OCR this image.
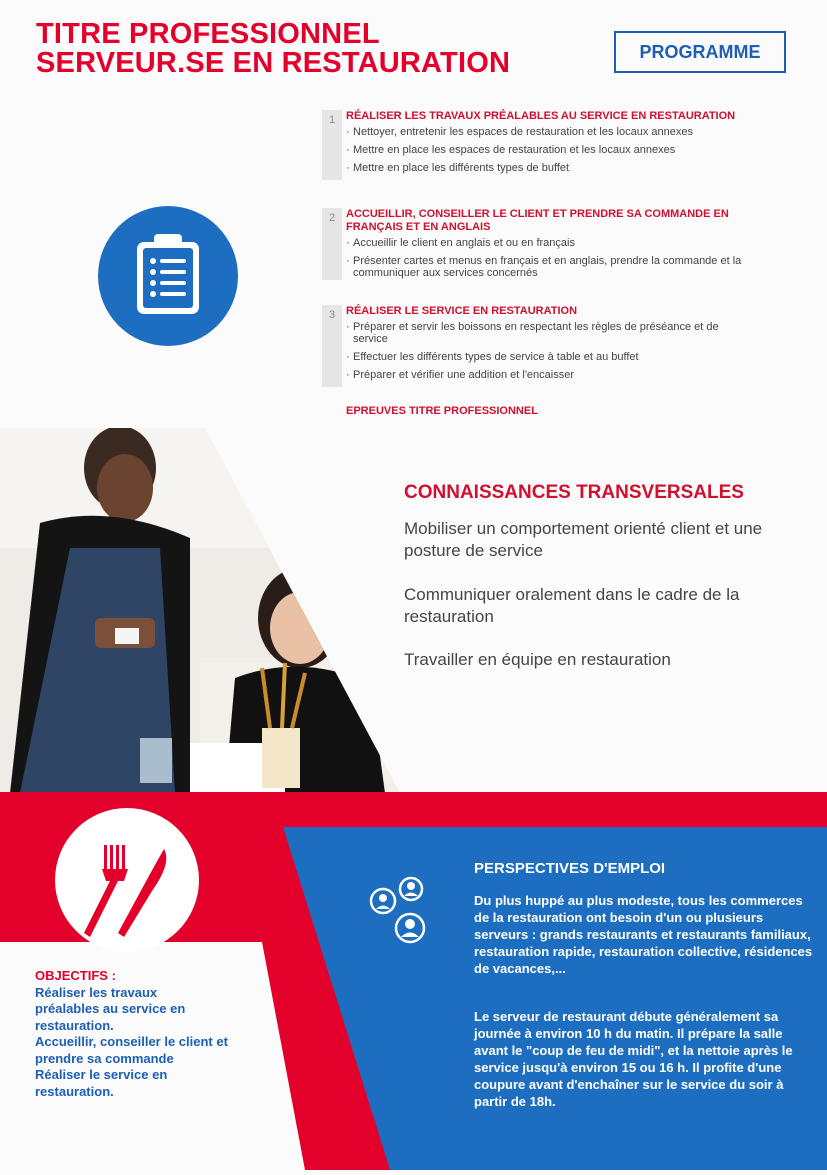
TITRE PROFESSIONNEL
SERVEUR.SE EN RESTAURATION	PROGRAMME
1 RÉALISER LES TRAVAUX PRÉALABLES AU SERVICE EN RESTAURATION
· Nettoyer, entretenir les espaces de restauration et les locaux annexes
· Mettre en place les espaces de restauration et les locaux annexes
· Mettre en place les différents types de buffet
2 ACCUEILLIR, CONSEILLER LE CLIENT ET PRENDRE SA COMMANDE EN FRANÇAIS ET EN ANGLAIS
· Accueillir le client en anglais et ou en français
· Présenter cartes et menus en français et en anglais, prendre la commande et la communiquer aux services concernés
3 RÉALISER LE SERVICE EN RESTAURATION
· Préparer et servir les boissons en respectant les règles de préséance et de service
· Effectuer les différents types de service à table et au buffet
· Préparer et vérifier une addition et l'encaisser
EPREUVES TITRE PROFESSIONNEL
CONNAISSANCES TRANSVERSALES
Mobiliser un comportement orienté client et une posture de service
Communiquer oralement dans le cadre de la restauration
Travailler en équipe en restauration
PERSPECTIVES D'EMPLOI
Du plus huppé au plus modeste, tous les commerces de la restauration ont besoin d'un ou plusieurs serveurs : grands restaurants et restaurants familiaux, restauration rapide, restauration collective, résidences de vacances,...
Le serveur de restaurant débute généralement sa journée à environ 10 h du matin. Il prépare la salle avant le "coup de feu de midi", et la nettoie après le service jusqu'à environ 15 ou 16 h. Il profite d'une coupure avant d'enchaîner sur le service du soir à partir de 18h.
OBJECTIFS :
Réaliser les travaux préalables au service en restauration.
Accueillir, conseiller le client et prendre sa commande
Réaliser le service en restauration.
